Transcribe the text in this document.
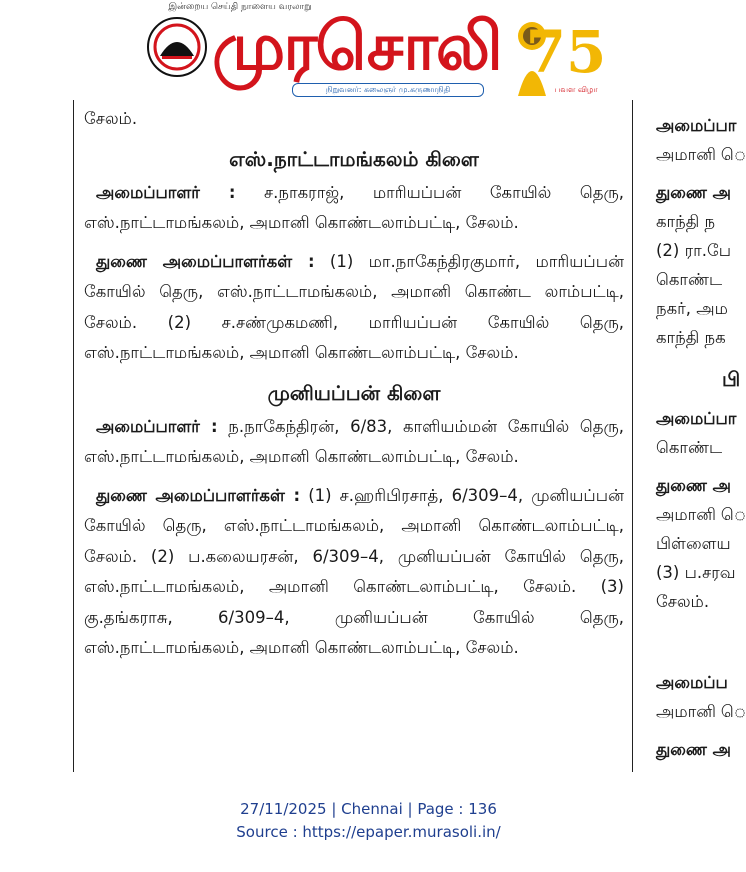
இன்றைய செய்தி நாளைய வரலாறு
முரசொலி 75
பவள விழா
நிறுவனர்: கலைஞர் மு.கருணாநிதி

சேலம்.

எஸ்.நாட்டாமங்கலம் கிளை

அமைப்பாளர் : ச.நாகராஜ், மாரியப்பன் கோயில் தெரு, எஸ்.நாட்டாமங்கலம், அமானி கொண்டலாம்பட்டி, சேலம்.

துணை அமைப்பாளர்கள் : (1) மா.நாகேந்திரகுமார், மாரியப்பன் கோயில் தெரு, எஸ்.நாட்டாமங்கலம், அமானி கொண்ட லாம்பட்டி, சேலம். (2) ச.சண்முகமணி, மாரியப்பன் கோயில் தெரு, எஸ்.நாட்டாமங்கலம், அமானி கொண்டலாம்பட்டி, சேலம்.

முனியப்பன் கிளை

அமைப்பாளர் : ந.நாகேந்திரன், 6/83, காளியம்மன் கோயில் தெரு, எஸ்.நாட்டாமங்கலம், அமானி கொண்டலாம்பட்டி, சேலம்.

துணை அமைப்பாளர்கள் : (1) ச.ஹரிபிரசாத், 6/309–4, முனியப்பன் கோயில் தெரு, எஸ்.நாட்டாமங்கலம், அமானி கொண்டலாம்பட்டி, சேலம். (2) ப.கலையரசன், 6/309–4, முனியப்பன் கோயில் தெரு, எஸ்.நாட்டாமங்கலம், அமானி கொண்டலாம்பட்டி, சேலம். (3) கு.தங்கராசு, 6/309–4, முனியப்பன் கோயில் தெரு, எஸ்.நாட்டாமங்கலம், அமானி கொண்டலாம்பட்டி, சேலம்.

அமைப்பா
அமானி ெ
துணை அ
காந்தி ந
(2) ரா.பே
கொண்ட
நகர், அம
காந்தி நக
பி
அமைப்பா
கொண்ட
துணை அ
அமானி ெ
பிள்ளைய
(3) ப.சரவ
சேலம்.
அமைப்ப
அமானி ெ
துணை அ
27/11/2025 | Chennai | Page : 136
Source : https://epaper.murasoli.in/
